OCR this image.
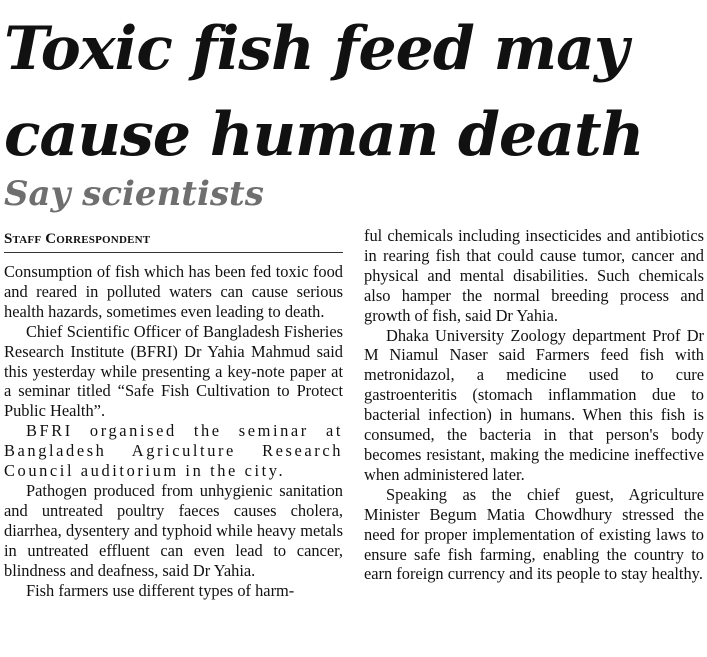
Toxic fish feed may
cause human death
Say scientists
Staff Correspondent

Consumption of fish which has been fed toxic food and reared in polluted waters can cause serious health hazards, sometimes even leading to death.

Chief Scientific Officer of Bangladesh Fisheries Research Institute (BFRI) Dr Yahia Mahmud said this yesterday while presenting a key-note paper at a seminar titled “Safe Fish Cultivation to Protect Public Health”.

BFRI organised the seminar at Bangladesh Agriculture Research Council auditorium in the city.

Pathogen produced from unhygienic sanitation and untreated poultry faeces causes cholera, diarrhea, dysentery and typhoid while heavy metals in untreated effluent can even lead to cancer, blindness and deafness, said Dr Yahia.

Fish farmers use different types of harm-

ful chemicals including insecticides and antibiotics in rearing fish that could cause tumor, cancer and physical and mental disabilities. Such chemicals also hamper the normal breeding process and growth of fish, said Dr Yahia.

Dhaka University Zoology department Prof Dr M Niamul Naser said Farmers feed fish with metronidazol, a medicine used to cure gastroenteritis (stomach inflammation due to bacterial infection) in humans. When this fish is consumed, the bacteria in that person's body becomes resistant, making the medicine ineffective when administered later.

Speaking as the chief guest, Agriculture Minister Begum Matia Chowdhury stressed the need for proper implementation of existing laws to ensure safe fish farming, enabling the country to earn foreign currency and its people to stay healthy.
